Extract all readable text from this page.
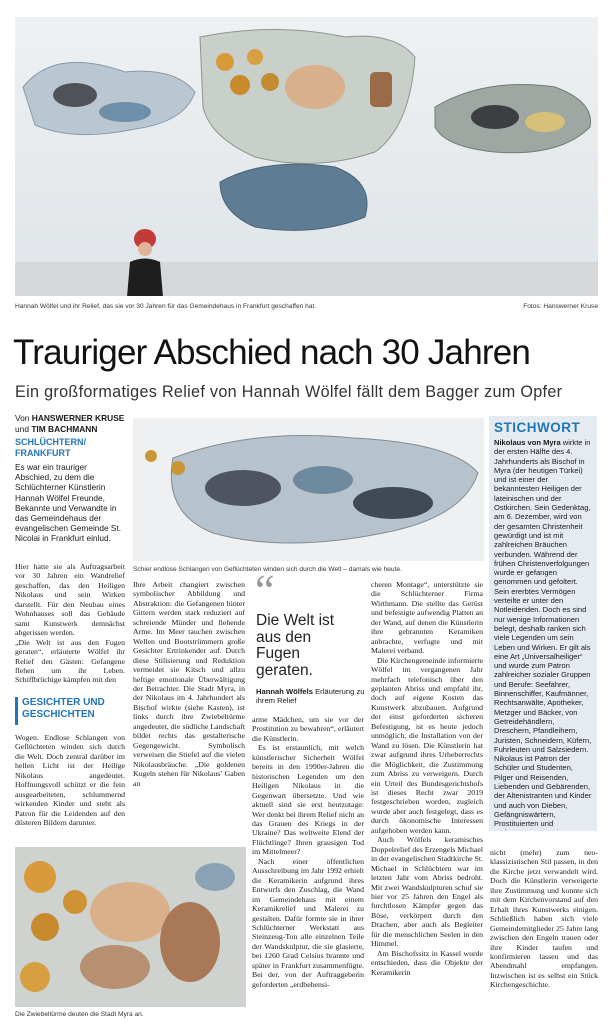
Hannah Wölfel und ihr Relief, das sie vor 30 Jahren für das Gemeindehaus in Frankfurt geschaffen hat.	Fotos: Hanswerner Kruse
Trauriger Abschied nach 30 Jahren
Ein großformatiges Relief von Hannah Wölfel fällt dem Bagger zum Opfer
Von HANSWERNER KRUSE
und TIM BACHMANN
SCHLÜCHTERN/
FRANKFURT
Es war ein trauriger Abschied, zu dem die Schlüchterner Künstlerin Hannah Wölfel Freunde, Bekannte und Verwandte in das Gemeindehaus der evangelischen Gemeinde St. Nicolai in Frankfurt einlud.

Hier hatte sie als Auftragsarbeit vor 30 Jahren ein Wandrelief geschaffen, das den Heiligen Nikolaus und sein Wirken darstellt. Für den Neubau eines Wohnhauses soll das Gebäude samt Kunstwerk demnächst abgerissen werden.

„Die Welt ist aus den Fugen geraten“, erläuterte Wölfel ihr Relief den Gästen: Gefangene flehen um ihr Leben. Schiffbrüchige kämpfen mit den

GESICHTER UND GESCHICHTEN

Wogen. Endlose Schlangen von Geflüchteten winden sich durch die Welt. Doch zentral darüber im hellen Licht ist der Heilige Nikolaus angedeutet. Hoffnungsvoll schützt er die fein ausgearbeiteten, schlummernd wirkenden Kinder und steht als Patron für die Leidenden auf den düsteren Bildern darunter.

Schier endlose Schlangen von Geflüchteten winden sich durch die Welt – damals wie heute.

Ihre Arbeit changiert zwischen symbolischer Abbildung und Abstraktion: die Gefangenen hinter Gittern werden stark reduziert auf schreiende Münder und flehende Arme. Im Meer tauchen zwischen Wellen und Bootstrümmern große Gesichter Ertrinkender auf. Durch diese Stilisierung und Reduktion vermeidet sie Kitsch und allzu heftige emotionale Überwältigung der Betrachter. Die Stadt Myra, in der Nikolaus im 4. Jahrhundert als Bischof wirkte (siehe Kasten), ist links durch ihre Zwiebeltürme angedeutet, die südliche Landschaft bildet rechts das gestalterische Gegengewicht. Symbolisch verweisen die Stiefel auf die vielen Nikolausbräuche. „Die goldenen Kugeln stehen für Nikolaus’ Gaben an

“
Die Welt ist aus den Fugen geraten.
Hannah Wölfels Erläuterung zu ihrem Relief

arme Mädchen, um sie vor der Prostitution zu bewahren“, erläutert die Künstlerin.

Es ist erstaunlich, mit welch künstlerischer Sicherheit Wölfel bereits in den 1990er-Jahren die historischen Legenden um den Heiligen Nikolaus in die Gegenwart übersetzte. Und wie aktuell sind sie erst heutzutage: Wer denkt bei ihrem Relief nicht an das Grauen des Kriegs in der Ukraine? Das weltweite Elend der Flüchtlinge? Ihren grausigen Tod im Mittelmeer?

Nach einer öffentlichen Ausschreibung im Jahr 1992 erhielt die Keramikerin aufgrund ihres Entwurfs den Zuschlag, die Wand im Gemeindehaus mit einem Keramikrelief und Malerei zu gestalten. Dafür formte sie in ihrer Schlüchterner Werkstatt aus Steinzeug-Ton alle einzelnen Teile der Wandskulptur, die sie glasierte, bei 1260 Grad Celsius brannte und später in Frankfurt zusammenfügte. Bei der, von der Auftraggeberin geforderten „erdbebensi-

cheren Montage“, unterstützte sie die Schlüchterner Firma Wirthmann. Die stellte das Gerüst und befestigte aufwendig Platten an der Wand, auf denen die Künstlerin ihre gebrannten Keramiken anbrachte, verfugte und mit Malerei verband.

Die Kirchengemeinde informierte Wölfel im vergangenen Jahr mehrfach telefonisch über den geplanten Abriss und empfahl ihr, doch auf eigene Kosten das Kunstwerk abzubauen. Aufgrund der einst geforderten sicheren Befestigung, ist es heute jedoch unmöglich, die Installation von der Wand zu lösen. Die Künstlerin hat zwar aufgrund ihres Urheberrechts die Möglichkeit, die Zustimmung zum Abriss zu verweigern. Durch ein Urteil des Bundesgerichtshofs ist dieses Recht zwar 2019 festgeschrieben worden, zugleich wurde aber auch festgelegt, dass es durch ökonomische Interessen aufgehoben werden kann.

Auch Wölfels keramisches Doppelrelief des Erzengels Michael in der evangelischen Stadtkirche St. Michael in Schlüchtern war im letzten Jahr vom Abriss bedroht. Mit zwei Wandskulpturen schuf sie hier vor 25 Jahren den Engel als furchtlosen Kämpfer gegen das Böse, verkörpert durch den Drachen, aber auch als Begleiter für die menschlichen Seelen in den Himmel.

Am Bischofssitz in Kassel wurde entschieden, dass die Objekte der Keramikerin

Die Zwiebeltürme deuten die Stadt Myra an.
STICHWORT
Nikolaus von Myra wirkte in der ersten Hälfte des 4. Jahrhunderts als Bischof in Myra (der heutigen Türkei) und ist einer der bekanntesten Heiligen der lateinischen und der Ostkirchen. Sein Gedenktag, am 6. Dezember, wird von der gesamten Christenheit gewürdigt und ist mit zahlreichen Bräuchen verbunden. Während der frühen Christenverfolgungen wurde er gefangen genommen und gefoltert. Sein ererbtes Vermögen verteilte er unter den Notleidenden. Doch es sind nur wenige Informationen belegt, deshalb ranken sich viele Legenden um sein Leben und Wirken. Er gilt als eine Art „Universalheiliger“ und wurde zum Patron zahlreicher sozialer Gruppen und Berufe: Seefahrer, Binnenschiffer, Kaufmänner, Rechtsanwälte, Apotheker, Metzger und Bäcker, von Getreidehändlern, Dreschern, Pfandleihern, Juristen, Schneidern, Küfern, Fuhrleuten und Salzsiedern. Nikolaus ist Patron der Schüler und Studenten, Pilger und Reisenden, Liebenden und Gebärenden, der Altenistranten und Kinder und auch von Dieben, Gefängniswärtern, Prostituierten und

nicht (mehr) zum neo-klassizistischen Stil passen, in den die Kirche jetzt verwandelt wird. Doch die Künstlerin verweigerte ihre Zustimmung und konnte sich mit dem Kirchenvorstand auf den Erhalt ihres Kunstwerks einigen. Schließlich haben sich viele Gemeindemitglieder 25 Jahre lang zwischen den Engeln trauen oder ihre Kinder taufen und konfirmieren lassen und das Abendmahl empfangen. Inzwischen ist es selbst ein Stück Kirchengeschichte.
